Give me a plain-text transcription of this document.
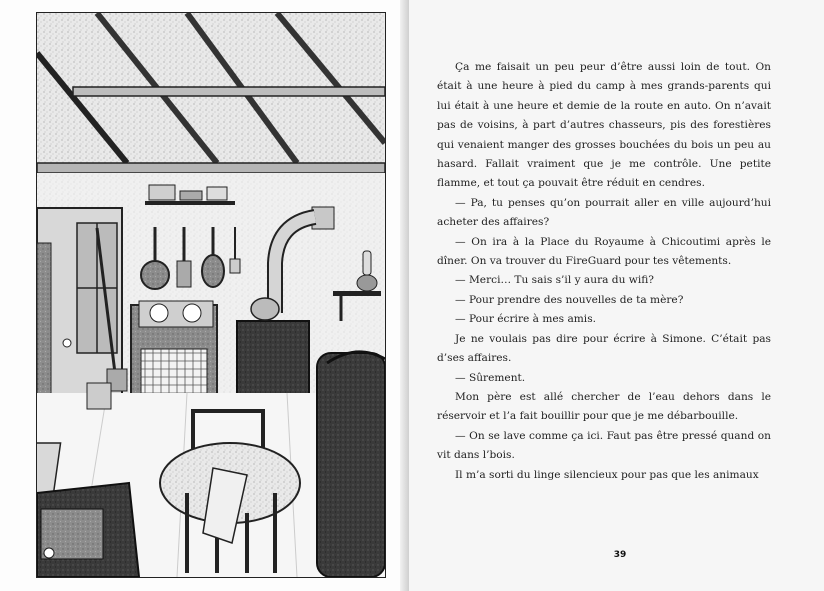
Ça me faisait un peu peur d’être aussi loin de tout. On était à une heure à pied du camp à mes grands-parents qui lui était à une heure et demie de la route en auto. On n’avait pas de voisins, à part d’autres chasseurs, pis des forestières qui venaient manger des grosses bouchées du bois un peu au hasard. Fallait vraiment que je me contrôle. Une petite flamme, et tout ça pouvait être réduit en cendres.

— Pa, tu penses qu’on pourrait aller en ville aujourd’hui acheter des affaires?

— On ira à la Place du Royaume à Chicoutimi après le dîner. On va trouver du FireGuard pour tes vêtements.

— Merci… Tu sais s’il y aura du wifi?

— Pour prendre des nouvelles de ta mère?

— Pour écrire à mes amis.

Je ne voulais pas dire pour écrire à Simone. C’était pas d’ses affaires.

— Sûrement.

Mon père est allé chercher de l’eau dehors dans le réservoir et l’a fait bouillir pour que je me débarbouille.

— On se lave comme ça ici. Faut pas être pressé quand on vit dans l’bois.

Il m’a sorti du linge silencieux pour pas que les animaux

39
